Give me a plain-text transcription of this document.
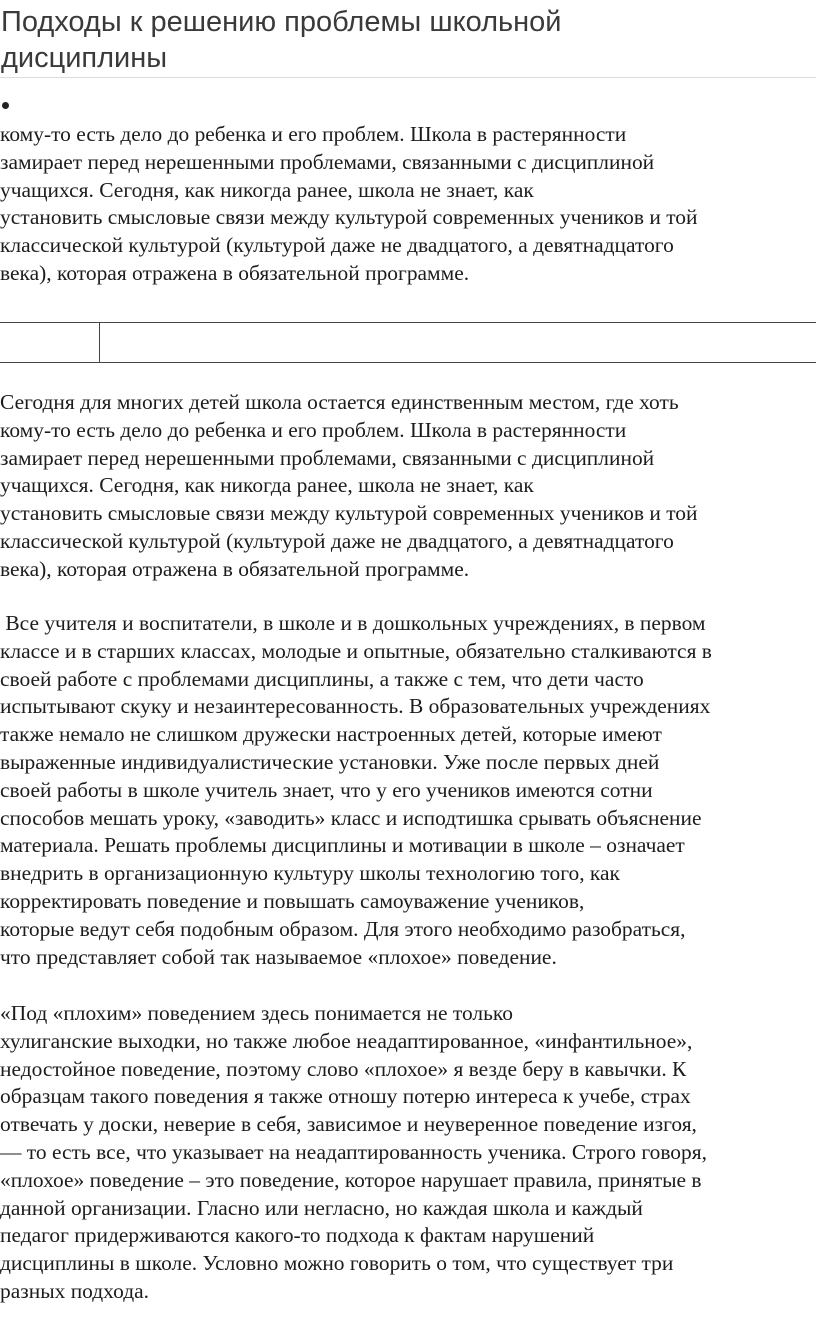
Подходы к решению проблемы школьной
дисциплины
кому-то есть дело до ребенка и его проблем. Школа в растерянности
замирает перед нерешенными проблемами, связанными с дисциплиной
учащихся. Сегодня, как никогда ранее, школа не знает, как
установить смысловые связи между культурой современных учеников и той
классической культурой (культурой даже не двадцатого, а девятнадцатого
века), которая отражена в обязательной программе.
Сегодня для многих детей школа остается единственным местом, где хоть
кому-то есть дело до ребенка и его проблем. Школа в растерянности
замирает перед нерешенными проблемами, связанными с дисциплиной
учащихся. Сегодня, как никогда ранее, школа не знает, как
установить смысловые связи между культурой современных учеников и той
классической культурой (культурой даже не двадцатого, а девятнадцатого
века), которая отражена в обязательной программе.
Все учителя и воспитатели, в школе и в дошкольных учреждениях, в первом
классе и в старших классах, молодые и опытные, обязательно сталкиваются в
своей работе с проблемами дисциплины, а также с тем, что дети часто
испытывают скуку и незаинтересованность. В образовательных учреждениях
также немало не слишком дружески настроенных детей, которые имеют
выраженные индивидуалистические установки. Уже после первых дней
своей работы в школе учитель знает, что у его учеников имеются сотни
способов мешать уроку, «заводить» класс и исподтишка срывать объяснение
материала. Решать проблемы дисциплины и мотивации в школе – означает
внедрить в организационную культуру школы технологию того, как
корректировать поведение и повышать самоуважение учеников,
которые ведут себя подобным образом. Для этого необходимо разобраться,
что представляет собой так называемое «плохое» поведение.
«Под «плохим» поведением здесь понимается не только
хулиганские выходки, но также любое неадаптированное, «инфантильное»,
недостойное поведение, поэтому слово «плохое» я везде беру в кавычки. К
образцам такого поведения я также отношу потерю интереса к учебе, страх
отвечать у доски, неверие в себя, зависимое и неуверенное поведение изгоя,
— то есть все, что указывает на неадаптированность ученика. Строго говоря,
«плохое» поведение – это поведение, которое нарушает правила, принятые в
данной организации. Гласно или негласно, но каждая школа и каждый
педагог придерживаются какого-то подхода к фактам нарушений
дисциплины в школе. Условно можно говорить о том, что существует три
разных подхода.
